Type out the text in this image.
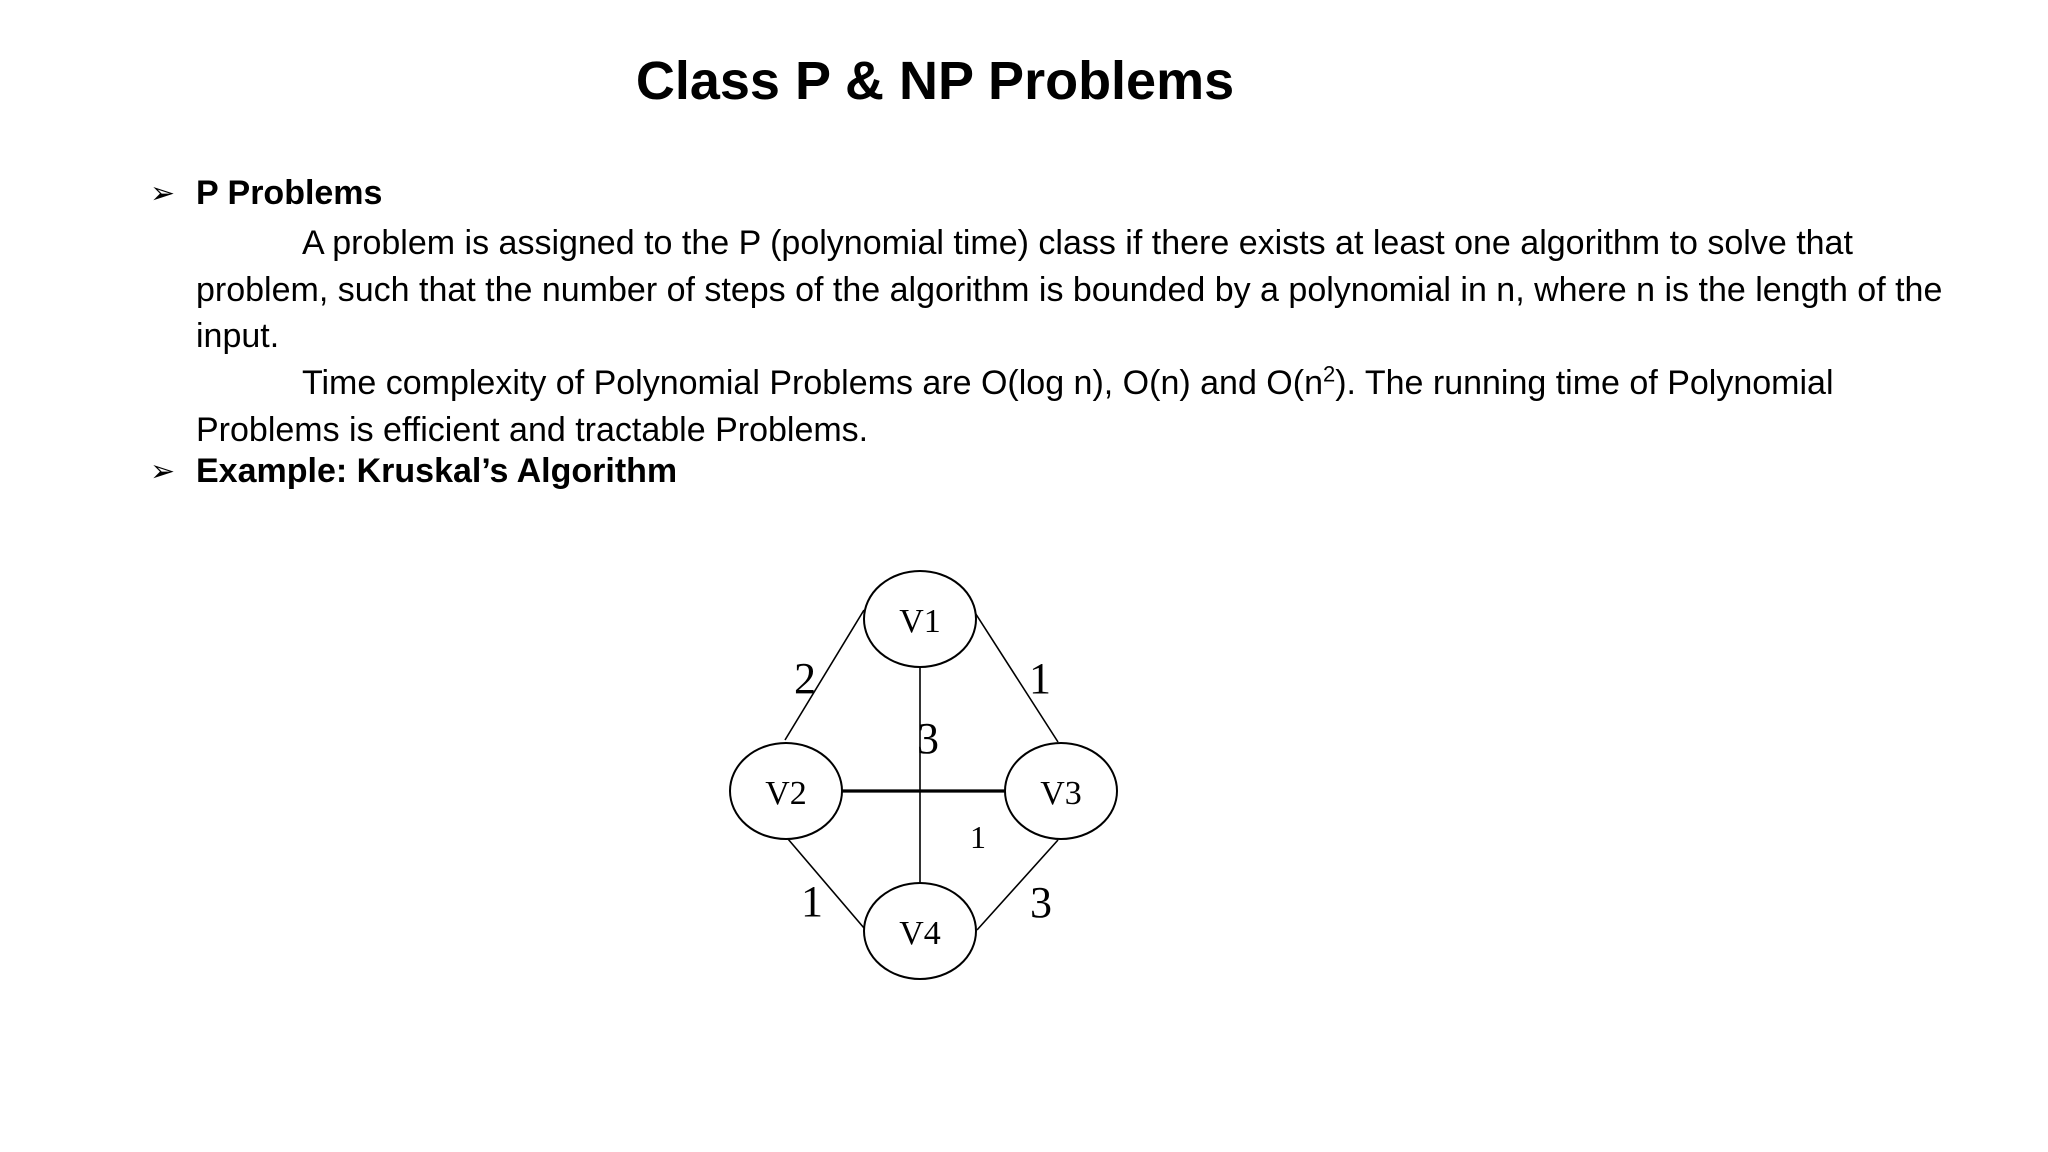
Class P & NP Problems
➢ P Problems

A problem is assigned to the P (polynomial time) class if there exists at least one algorithm to solve that problem, such that the number of steps of the algorithm is bounded by a polynomial in n, where n is the length of the input.

Time complexity of Polynomial Problems are O(log n), O(n) and $O(n^2)$. The running time of Polynomial Problems is efficient and tractable Problems.

➢ Example: Kruskal’s Algorithm
V1
V2	V3
V4
2	1
3
1
1	3
